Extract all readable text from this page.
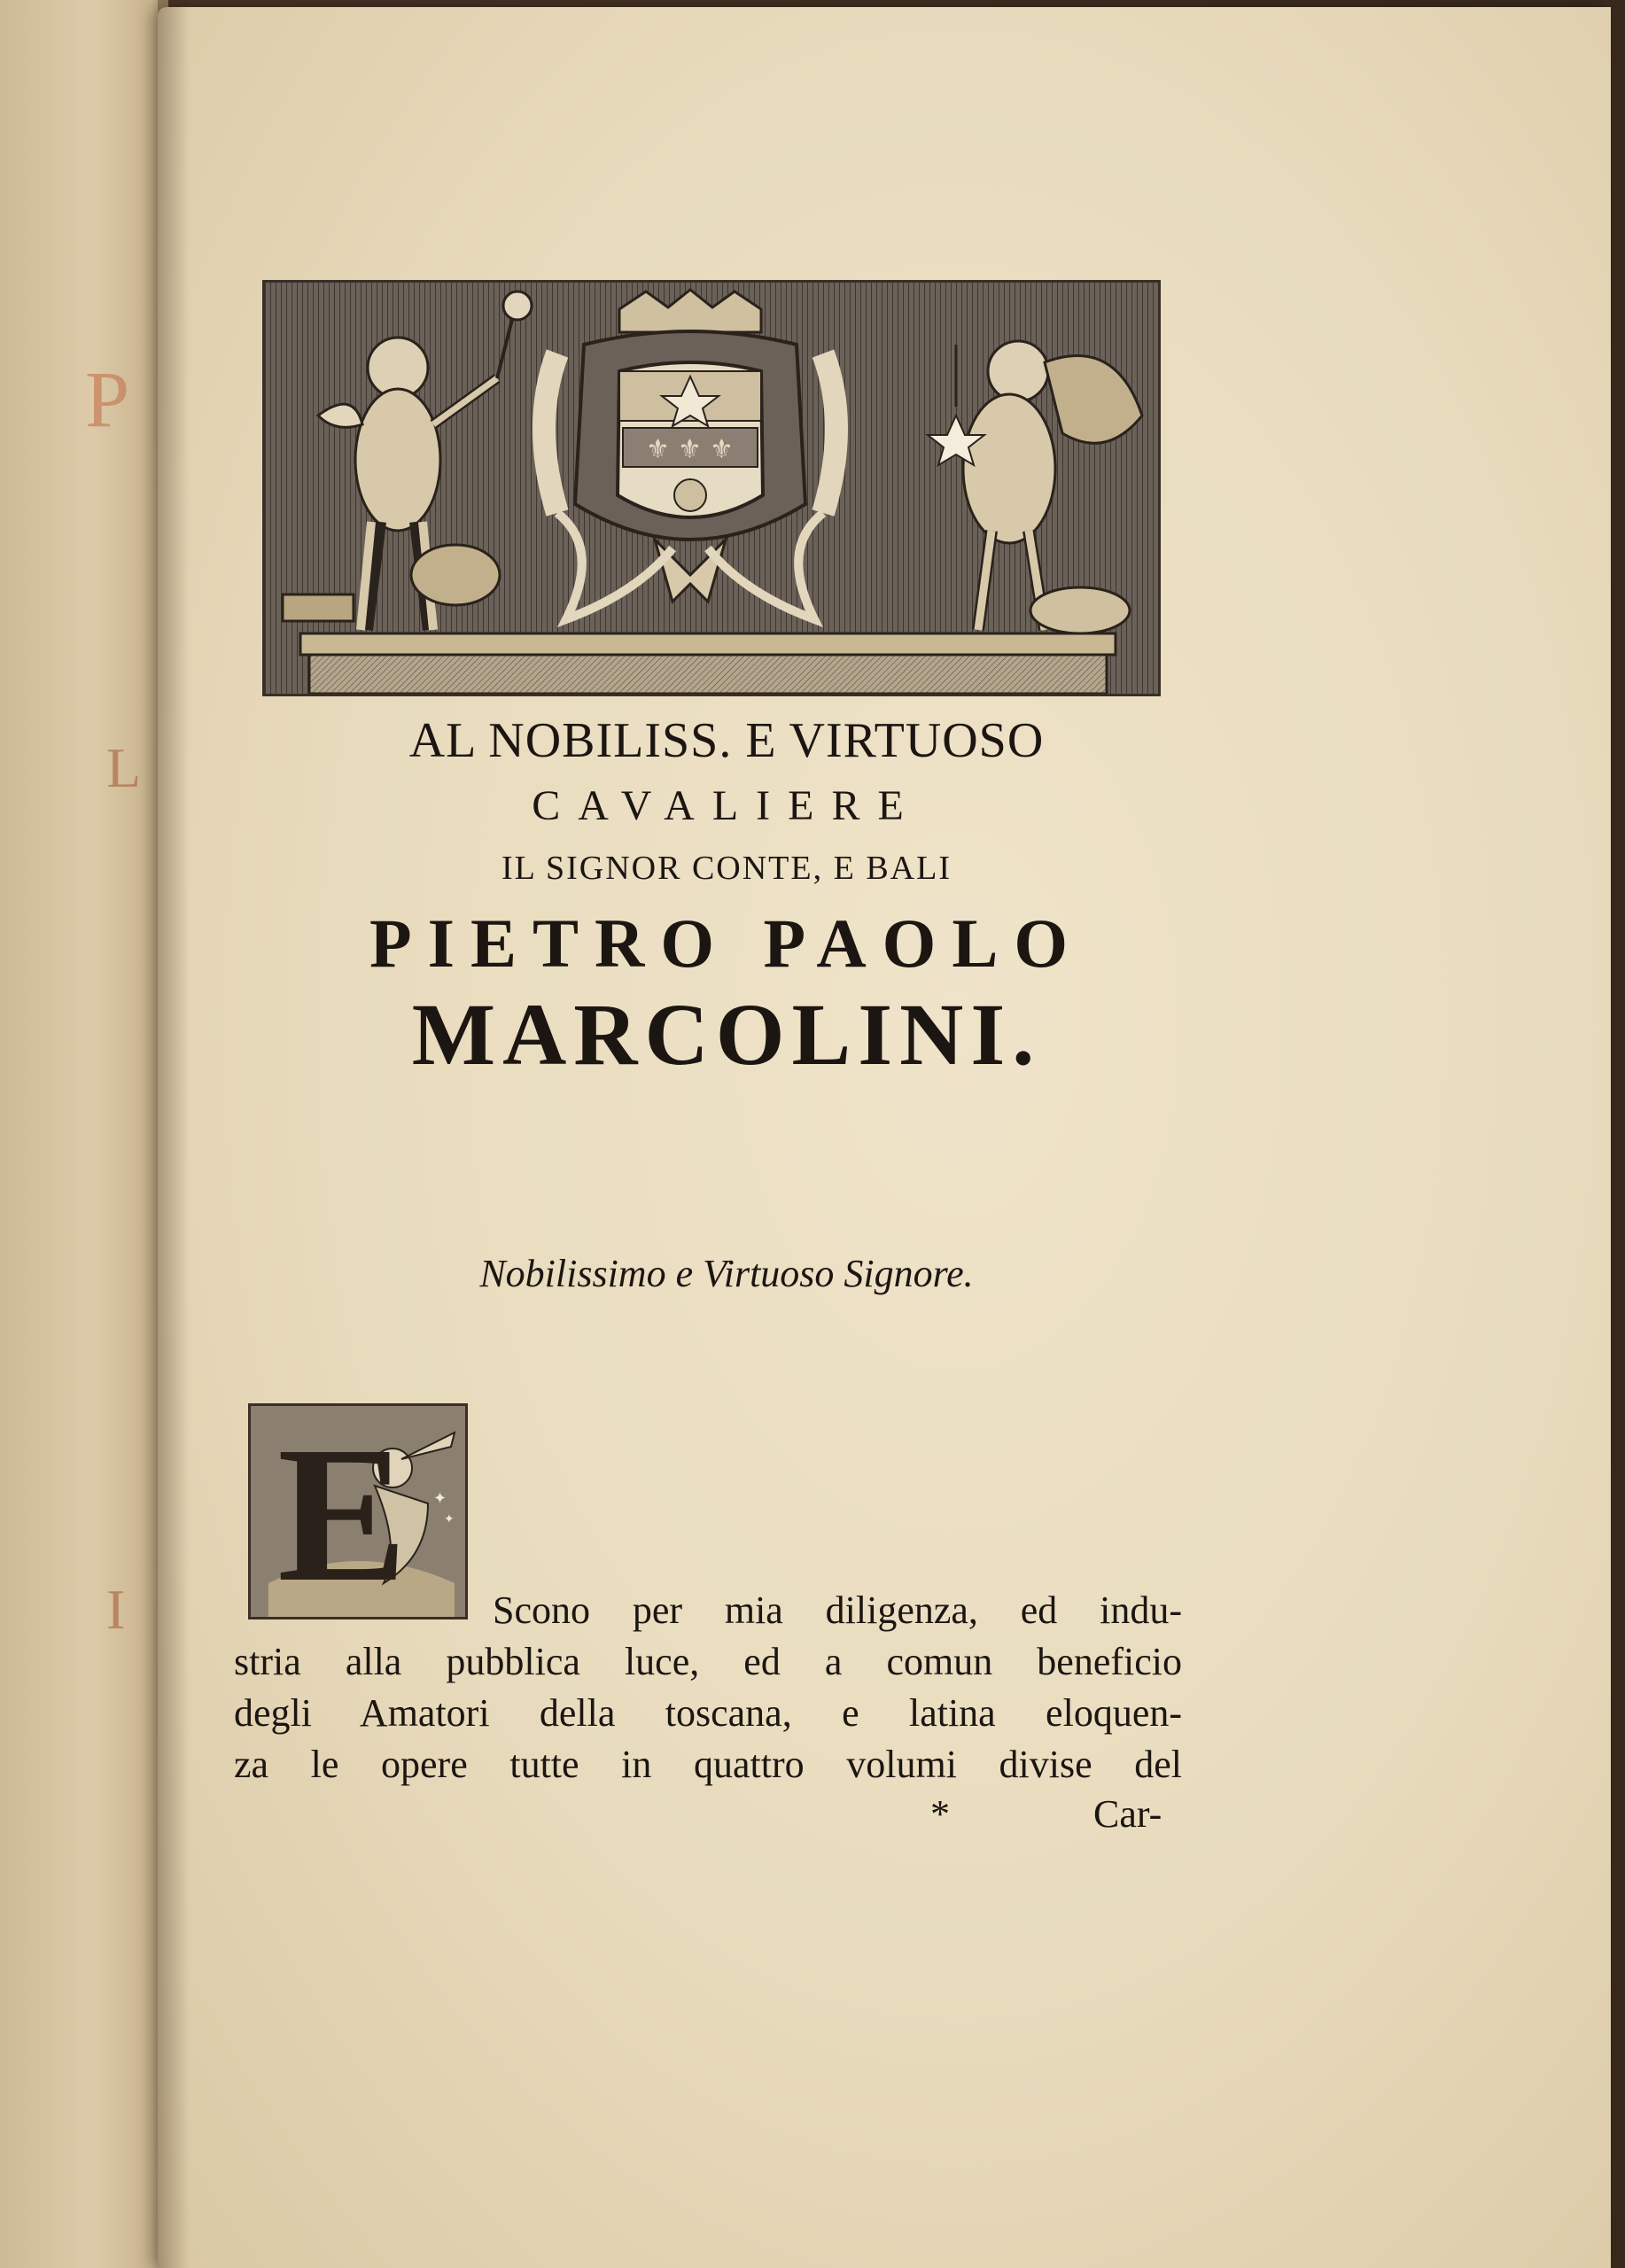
P
L
I
⚜ ⚜ ⚜
AL NOBILISS. E VIRTUOSO
CAVALIERE
IL SIGNOR CONTE, E BALI
PIETRO PAOLO
MARCOLINI.
Nobilissimo e Virtuoso Signore.
✦
✦
E Scono per mia diligenza, ed indu-
stria alla pubblica luce, ed a comun beneficio
degli Amatori della toscana, e latina eloquen-
za le opere tutte in quattro volumi divise del
*	Car-
